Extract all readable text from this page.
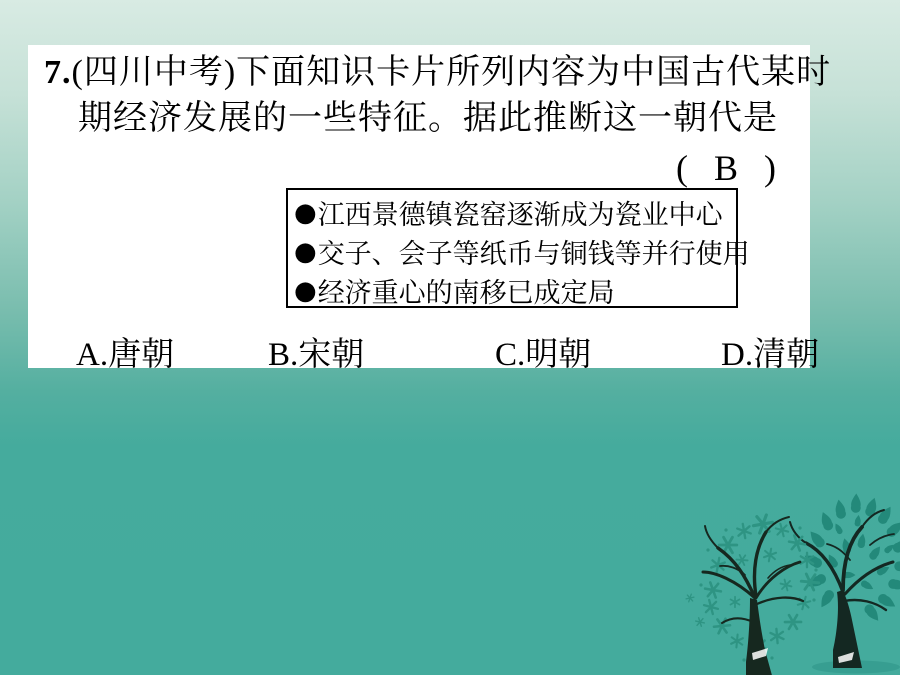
7.(四川中考)下面知识卡片所列内容为中国古代某时
期经济发展的一些特征。据此推断这一朝代是
( B )
● 江西景德镇瓷窑逐渐成为瓷业中心
● 交子、会子等纸币与铜钱等并行使用
● 经济重心的南移已成定局
A.唐朝	B.宋朝	C.明朝	D.清朝
